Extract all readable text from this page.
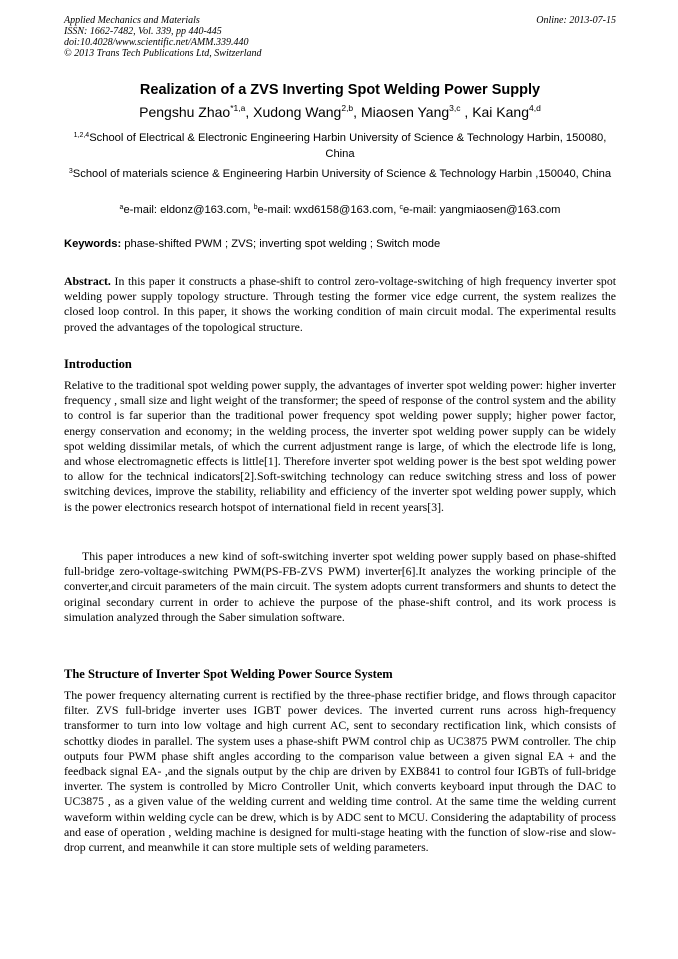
Applied Mechanics and Materials
ISSN: 1662-7482, Vol. 339, pp 440-445
doi:10.4028/www.scientific.net/AMM.339.440
© 2013 Trans Tech Publications Ltd, Switzerland
Online: 2013-07-15
Realization of a ZVS Inverting Spot Welding Power Supply
Pengshu Zhao$^{*1,a}$, Xudong Wang$^{2,b}$, Miaosen Yang$^{3,c}$ , Kai Kang$^{4,d}$
$^{1,2,4}$School of Electrical & Electronic Engineering Harbin University of Science & Technology Harbin, 150080, China
$^3$School of materials science & Engineering Harbin University of Science & Technology Harbin ,150040, China
$^a$e-mail: eldonz@163.com, $^b$e-mail: wxd6158@163.com, $^c$e-mail: yangmiaosen@163.com
Keywords: phase-shifted PWM ; ZVS; inverting spot welding ; Switch mode
Abstract. In this paper it constructs a phase-shift to control zero-voltage-switching of high frequency inverter spot welding power supply topology structure. Through testing the former vice edge current, the system realizes the closed loop control. In this paper, it shows the working condition of main circuit modal. The experimental results proved the advantages of the topological structure.
Introduction
Relative to the traditional spot welding power supply, the advantages of inverter spot welding power: higher inverter frequency , small size and light weight of the transformer; the speed of response of the control system and the ability to control is far superior than the traditional power frequency spot welding power supply; higher power factor, energy conservation and economy; in the welding process, the inverter spot welding power supply can be widely spot welding dissimilar metals, of which the current adjustment range is large, of which the electrode life is long, and whose electromagnetic effects is little[1]. Therefore inverter spot welding power is the best spot welding power to allow for the technical indicators[2].Soft-switching technology can reduce switching stress and loss of power switching devices, improve the stability, reliability and efficiency of the inverter spot welding power supply, which is the power electronics research hotspot of international field in recent years[3].
This paper introduces a new kind of soft-switching inverter spot welding power supply based on phase-shifted full-bridge zero-voltage-switching PWM(PS-FB-ZVS PWM) inverter[6].It analyzes the working principle of the converter,and circuit parameters of the main circuit. The system adopts current transformers and shunts to detect the original secondary current in order to achieve the purpose of the phase-shift control, and its work process is simulation analyzed through the Saber simulation software.
The Structure of Inverter Spot Welding Power Source System
The power frequency alternating current is rectified by the three-phase rectifier bridge, and flows through capacitor filter. ZVS full-bridge inverter uses IGBT power devices. The inverted current runs across high-frequency transformer to turn into low voltage and high current AC, sent to secondary rectification link, which consists of schottky diodes in parallel. The system uses a phase-shift PWM control chip as UC3875 PWM controller. The chip outputs four PWM phase shift angles according to the comparison value between a given signal EA + and the feedback signal EA- ,and the signals output by the chip are driven by EXB841 to control four IGBTs of full-bridge inverter. The system is controlled by Micro Controller Unit, which converts keyboard input through the DAC to UC3875 , as a given value of the welding current and welding time control. At the same time the welding current waveform within welding cycle can be drew, which is by ADC sent to MCU. Considering the adaptability of process and ease of operation , welding machine is designed for multi-stage heating with the function of slow-rise and slow-drop current, and meanwhile it can store multiple sets of welding parameters.
